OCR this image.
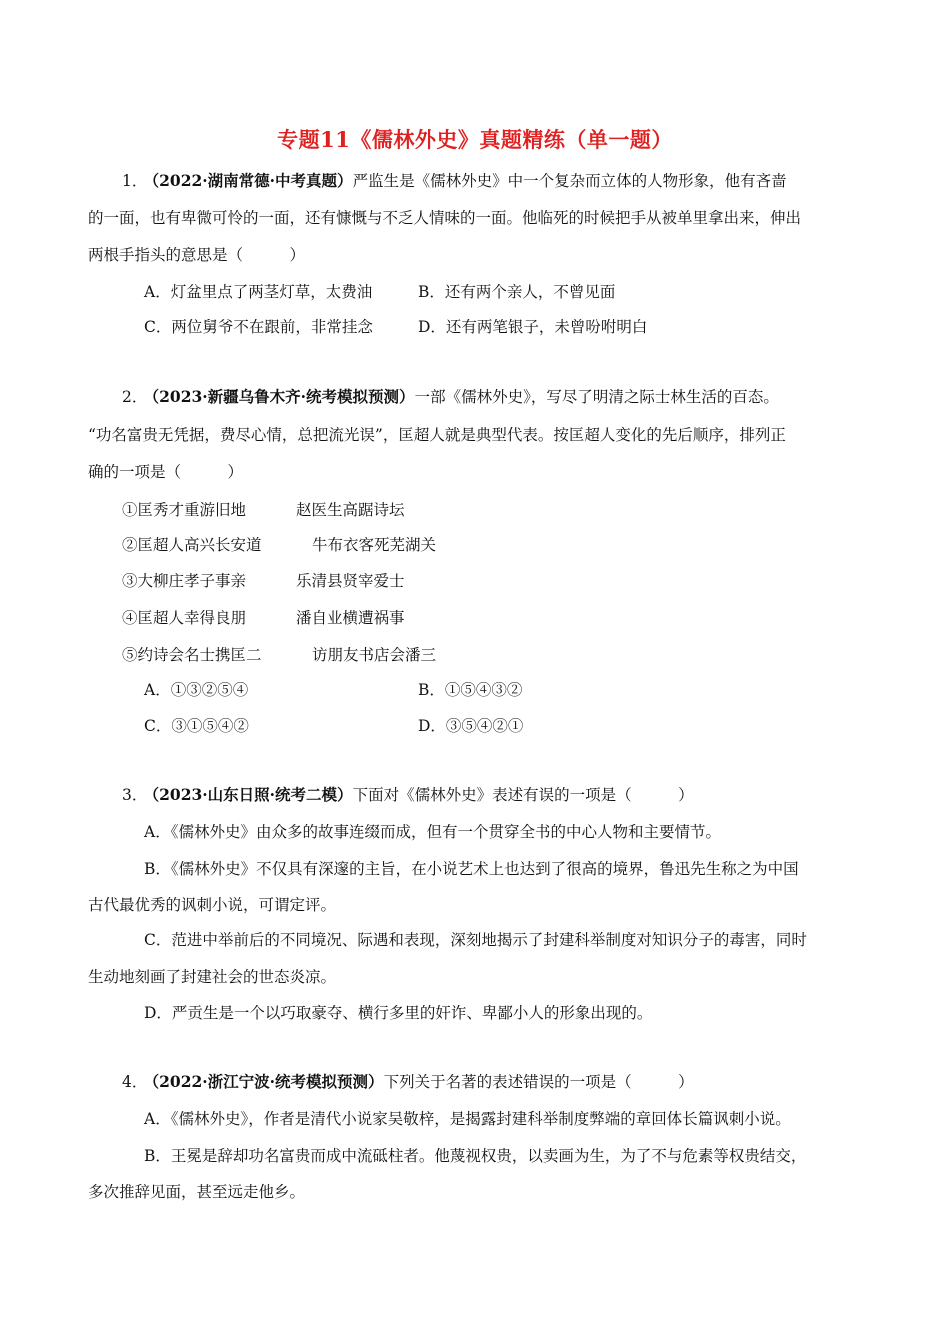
专题11《儒林外史》真题精练（单一题）
1． （2022·湖南常德·中考真题）严监生是《儒林外史》中一个复杂而立体的人物形象，他有吝啬
的一面，也有卑微可怜的一面，还有慷慨与不乏人情味的一面。他临死的时候把手从被单里拿出来，伸出
两根手指头的意思是（　　　）
A．灯盆里点了两茎灯草，太费油	B．还有两个亲人，不曾见面
C．两位舅爷不在跟前，非常挂念	D．还有两笔银子，未曾吩咐明白
2． （2023·新疆乌鲁木齐·统考模拟预测）一部《儒林外史》，写尽了明清之际士林生活的百态。
“功名富贵无凭据，费尽心情，总把流光误”，匡超人就是典型代表。按匡超人变化的先后顺序，排列正
确的一项是（　　　）
①匡秀才重游旧地	赵医生高踞诗坛
②匡超人高兴长安道	牛布衣客死芜湖关
③大柳庄孝子事亲	乐清县贤宰爱士
④匡超人幸得良朋	潘自业横遭祸事
⑤约诗会名士携匡二	访朋友书店会潘三
A．①③②⑤④	B．①⑤④③②
C．③①⑤④②	D．③⑤④②①
3． （2023·山东日照·统考二模）下面对《儒林外史》表述有误的一项是（　　　）
A．《儒林外史》由众多的故事连缀而成，但有一个贯穿全书的中心人物和主要情节。
B．《儒林外史》不仅具有深邃的主旨，在小说艺术上也达到了很高的境界，鲁迅先生称之为中国
古代最优秀的讽刺小说，可谓定评。
C．范进中举前后的不同境况、际遇和表现，深刻地揭示了封建科举制度对知识分子的毒害，同时
生动地刻画了封建社会的世态炎凉。
D．严贡生是一个以巧取豪夺、横行多里的奸诈、卑鄙小人的形象出现的。
4． （2022·浙江宁波·统考模拟预测）下列关于名著的表述错误的一项是（　　　）
A．《儒林外史》，作者是清代小说家吴敬梓，是揭露封建科举制度弊端的章回体长篇讽刺小说。
B．王冕是辞却功名富贵而成中流砥柱者。他蔑视权贵，以卖画为生，为了不与危素等权贵结交，
多次推辞见面，甚至远走他乡。
